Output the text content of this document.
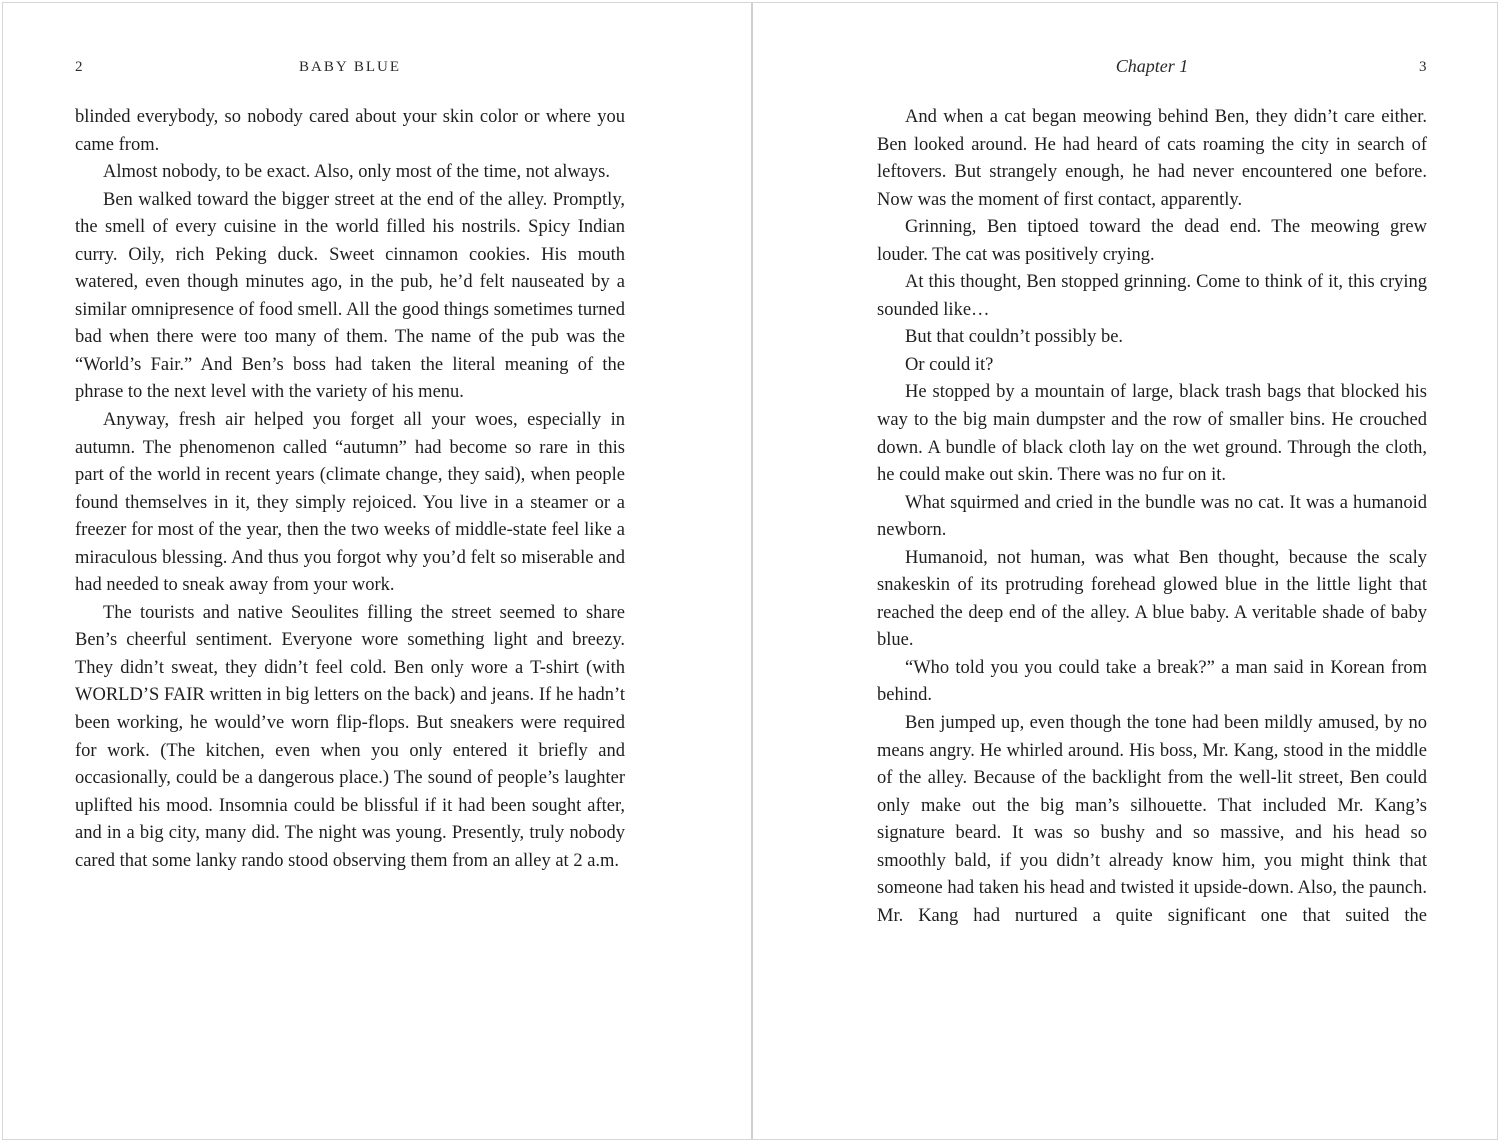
2	BABY BLUE

blinded everybody, so nobody cared about your skin color or where you came from.

Almost nobody, to be exact. Also, only most of the time, not always.

Ben walked toward the bigger street at the end of the alley. Promptly, the smell of every cuisine in the world filled his nostrils. Spicy Indian curry. Oily, rich Peking duck. Sweet cinnamon cookies. His mouth watered, even though minutes ago, in the pub, he’d felt nauseated by a similar omnipresence of food smell. All the good things sometimes turned bad when there were too many of them. The name of the pub was the “World’s Fair.” And Ben’s boss had taken the literal meaning of the phrase to the next level with the variety of his menu.

Anyway, fresh air helped you forget all your woes, especially in autumn. The phenomenon called “autumn” had become so rare in this part of the world in recent years (climate change, they said), when people found themselves in it, they simply rejoiced. You live in a steamer or a freezer for most of the year, then the two weeks of middle-state feel like a miraculous blessing. And thus you forgot why you’d felt so miserable and had needed to sneak away from your work.

The tourists and native Seoulites filling the street seemed to share Ben’s cheerful sentiment. Everyone wore something light and breezy. They didn’t sweat, they didn’t feel cold. Ben only wore a T-shirt (with WORLD’S FAIR written in big letters on the back) and jeans. If he hadn’t been working, he would’ve worn flip-flops. But sneakers were required for work. (The kitchen, even when you only entered it briefly and occasionally, could be a dangerous place.) The sound of people’s laughter uplifted his mood. Insomnia could be blissful if it had been sought after, and in a big city, many did. The night was young. Presently, truly nobody cared that some lanky rando stood observing them from an alley at 2 a.m.

Chapter 1	3

And when a cat began meowing behind Ben, they didn’t care either. Ben looked around. He had heard of cats roaming the city in search of leftovers. But strangely enough, he had never encountered one before. Now was the moment of first contact, apparently.

Grinning, Ben tiptoed toward the dead end. The meowing grew louder. The cat was positively crying.

At this thought, Ben stopped grinning. Come to think of it, this crying sounded like…

But that couldn’t possibly be.

Or could it?

He stopped by a mountain of large, black trash bags that blocked his way to the big main dumpster and the row of smaller bins. He crouched down. A bundle of black cloth lay on the wet ground. Through the cloth, he could make out skin. There was no fur on it.

What squirmed and cried in the bundle was no cat. It was a humanoid newborn.

Humanoid, not human, was what Ben thought, because the scaly snakeskin of its protruding forehead glowed blue in the little light that reached the deep end of the alley. A blue baby. A veritable shade of baby blue.

“Who told you you could take a break?” a man said in Korean from behind.

Ben jumped up, even though the tone had been mildly amused, by no means angry. He whirled around. His boss, Mr. Kang, stood in the middle of the alley. Because of the backlight from the well-lit street, Ben could only make out the big man’s silhouette. That included Mr. Kang’s signature beard. It was so bushy and so massive, and his head so smoothly bald, if you didn’t already know him, you might think that someone had taken his head and twisted it upside-down. Also, the paunch. Mr. Kang had nurtured a quite significant one that suited the
